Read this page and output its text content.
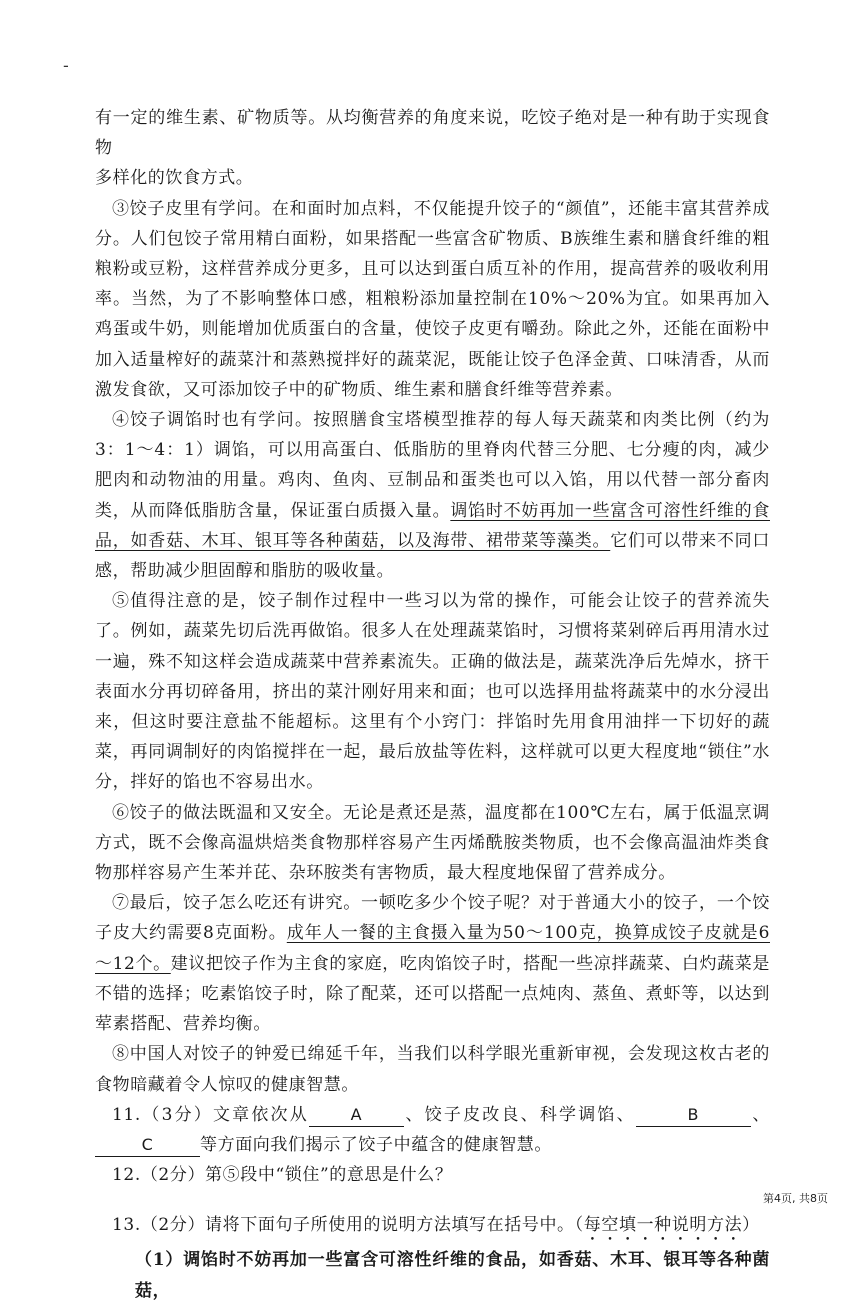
-

有一定的维生素、矿物质等。从均衡营养的角度来说，吃饺子绝对是一种有助于实现食物

多样化的饮食方式。

③饺子皮里有学问。在和面时加点料，不仅能提升饺子的“颜值”，还能丰富其营养成分。人们包饺子常用精白面粉，如果搭配一些富含矿物质、B族维生素和膳食纤维的粗粮粉或豆粉，这样营养成分更多，且可以达到蛋白质互补的作用，提高营养的吸收利用率。当然，为了不影响整体口感，粗粮粉添加量控制在10%～20%为宜。如果再加入鸡蛋或牛奶，则能增加优质蛋白的含量，使饺子皮更有嚼劲。除此之外，还能在面粉中加入适量榨好的蔬菜汁和蒸熟搅拌好的蔬菜泥，既能让饺子色泽金黄、口味清香，从而激发食欲，又可添加饺子中的矿物质、维生素和膳食纤维等营养素。

④饺子调馅时也有学问。按照膳食宝塔模型推荐的每人每天蔬菜和肉类比例（约为3：1～4：1）调馅，可以用高蛋白、低脂肪的里脊肉代替三分肥、七分瘦的肉，减少肥肉和动物油的用量。鸡肉、鱼肉、豆制品和蛋类也可以入馅，用以代替一部分畜肉类，从而降低脂肪含量，保证蛋白质摄入量。调馅时不妨再加一些富含可溶性纤维的食品，如香菇、木耳、银耳等各种菌菇，以及海带、裙带菜等藻类。它们可以带来不同口感，帮助减少胆固醇和脂肪的吸收量。

⑤值得注意的是，饺子制作过程中一些习以为常的操作，可能会让饺子的营养流失了。例如，蔬菜先切后洗再做馅。很多人在处理蔬菜馅时，习惯将菜剁碎后再用清水过一遍，殊不知这样会造成蔬菜中营养素流失。正确的做法是，蔬菜洗净后先焯水，挤干表面水分再切碎备用，挤出的菜汁刚好用来和面；也可以选择用盐将蔬菜中的水分浸出来，但这时要注意盐不能超标。这里有个小窍门：拌馅时先用食用油拌一下切好的蔬菜，再同调制好的肉馅搅拌在一起，最后放盐等佐料，这样就可以更大程度地“锁住”水分，拌好的馅也不容易出水。

⑥饺子的做法既温和又安全。无论是煮还是蒸，温度都在100℃左右，属于低温烹调方式，既不会像高温烘焙类食物那样容易产生丙烯酰胺类物质，也不会像高温油炸类食物那样容易产生苯并芘、杂环胺类有害物质，最大程度地保留了营养成分。

⑦最后，饺子怎么吃还有讲究。一顿吃多少个饺子呢？对于普通大小的饺子，一个饺子皮大约需要8克面粉。成年人一餐的主食摄入量为50～100克，换算成饺子皮就是6～12个。建议把饺子作为主食的家庭，吃肉馅饺子时，搭配一些凉拌蔬菜、白灼蔬菜是不错的选择；吃素馅饺子时，除了配菜，还可以搭配一点炖肉、蒸鱼、煮虾等，以达到荤素搭配、营养均衡。

⑧中国人对饺子的钟爱已绵延千年，当我们以科学眼光重新审视，会发现这枚古老的食物暗藏着令人惊叹的健康智慧。

11.（3分）文章依次从	A 、饺子皮改良、科学调馅、	B	、C	等方面向我们揭示了饺子中蕴含的健康智慧。

12.（2分）第⑤段中“锁住”的意思是什么？

13.（2分）请将下面句子所使用的说明方法填写在括号中。（每空填一种说明方法）

（1）调馅时不妨再加一些富含可溶性纤维的食品，如香菇、木耳、银耳等各种菌菇，

第4页, 共8页
